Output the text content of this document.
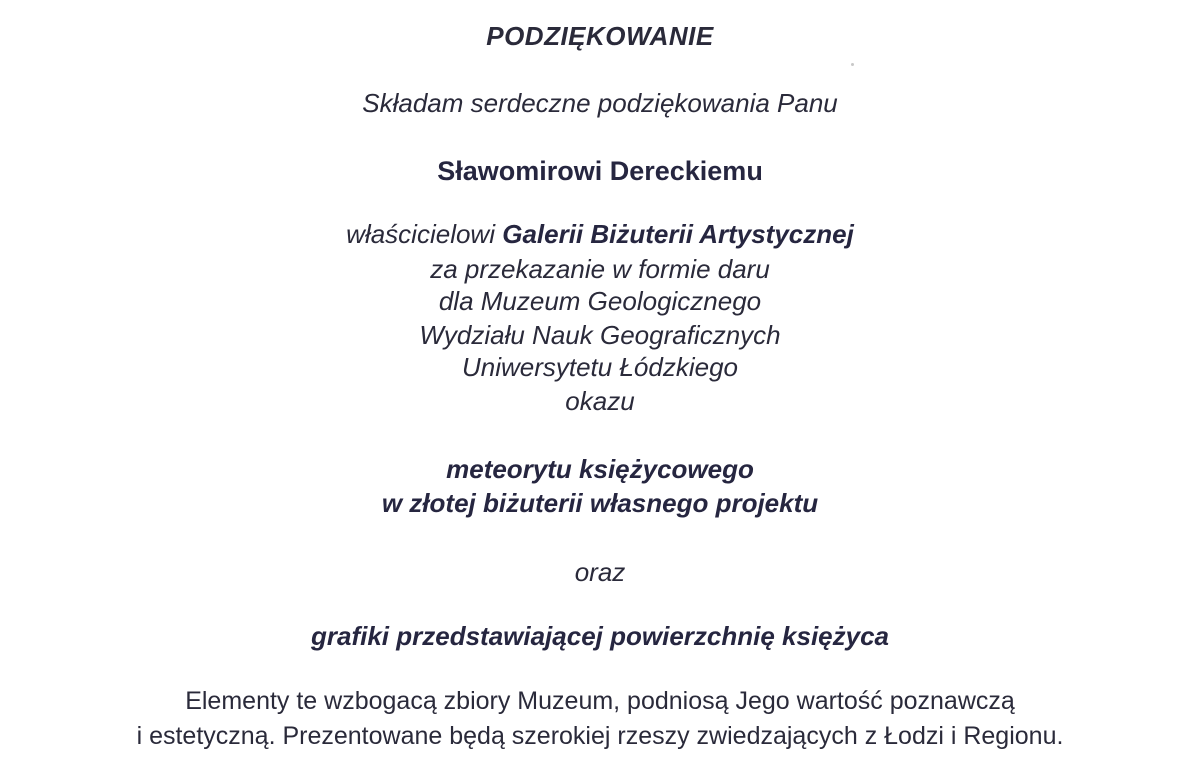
PODZIĘKOWANIE

Składam serdeczne podziękowania Panu

Sławomirowi Dereckiemu

właścicielowi Galerii Biżuterii Artystycznej

za przekazanie w formie daru

dla Muzeum Geologicznego

Wydziału Nauk Geograficznych

Uniwersytetu Łódzkiego

okazu

meteorytu księżycowego

w złotej biżuterii własnego projektu

oraz

grafiki przedstawiającej powierzchnię księżyca

Elementy te wzbogacą zbiory Muzeum, podniosą Jego wartość poznawczą

i estetyczną. Prezentowane będą szerokiej rzeszy zwiedzających z Łodzi i Regionu.
